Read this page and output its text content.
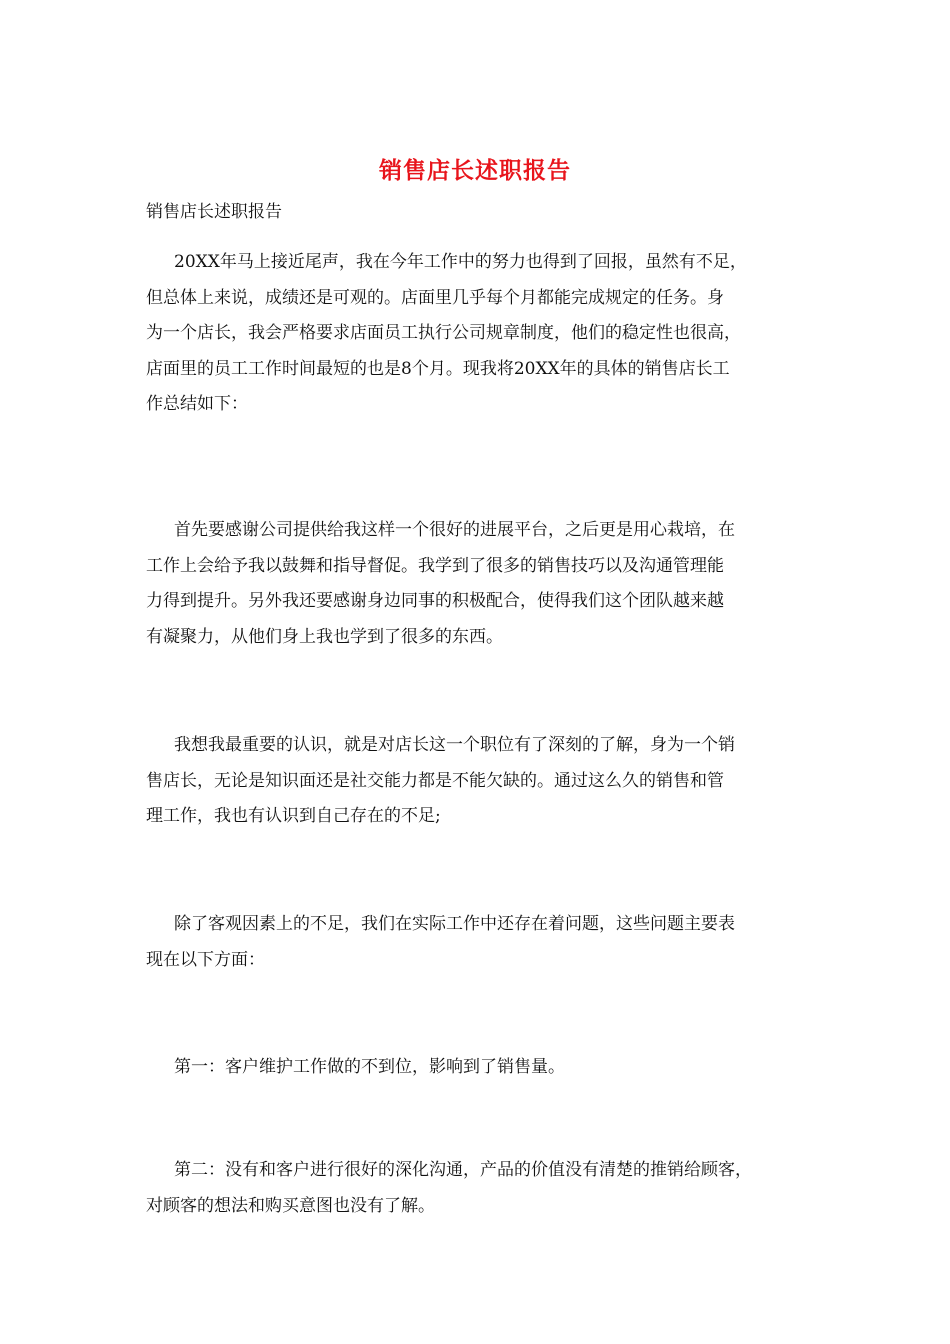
销售店长述职报告
销售店长述职报告
20XX年马上接近尾声，我在今年工作中的努力也得到了回报，虽然有不足，
但总体上来说，成绩还是可观的。店面里几乎每个月都能完成规定的任务。身
为一个店长，我会严格要求店面员工执行公司规章制度，他们的稳定性也很高，
店面里的员工工作时间最短的也是8个月。现我将20XX年的具体的销售店长工
作总结如下：
首先要感谢公司提供给我这样一个很好的进展平台，之后更是用心栽培，在
工作上会给予我以鼓舞和指导督促。我学到了很多的销售技巧以及沟通管理能
力得到提升。另外我还要感谢身边同事的积极配合，使得我们这个团队越来越
有凝聚力，从他们身上我也学到了很多的东西。
我想我最重要的认识，就是对店长这一个职位有了深刻的了解，身为一个销
售店长，无论是知识面还是社交能力都是不能欠缺的。通过这么久的销售和管
理工作，我也有认识到自己存在的不足;
除了客观因素上的不足，我们在实际工作中还存在着问题，这些问题主要表
现在以下方面：
第一：客户维护工作做的不到位，影响到了销售量。
第二：没有和客户进行很好的深化沟通，产品的价值没有清楚的推销给顾客，
对顾客的想法和购买意图也没有了解。
